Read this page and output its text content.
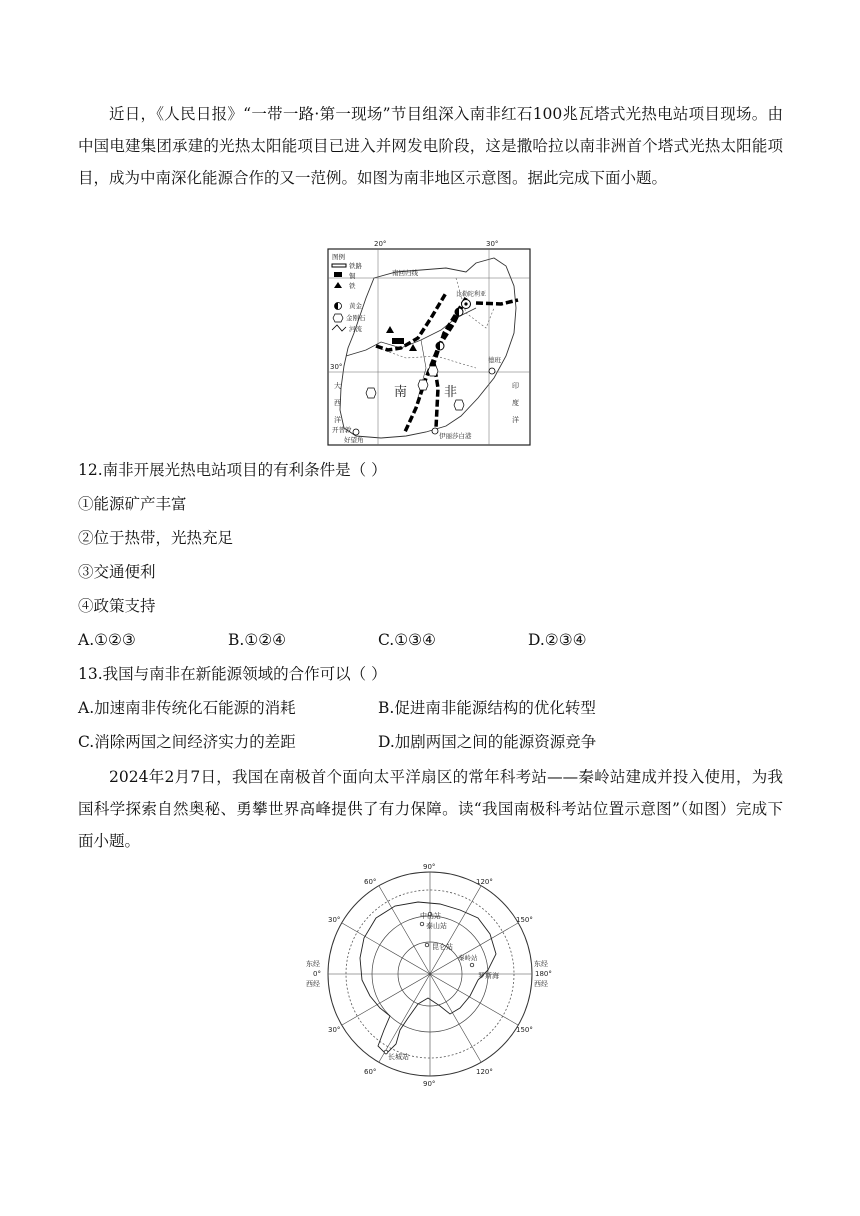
近日，《人民日报》“一带一路·第一现场”节目组深入南非红石100兆瓦塔式光热电站项目现场。由中国电建集团承建的光热太阳能项目已进入并网发电阶段，这是撒哈拉以南非洲首个塔式光热太阳能项目，成为中南深化能源合作的又一范例。如图为南非地区示意图。据此完成下面小题。
20°	30°
南回归线
30°
图例
铁路
铜
铁
黄金
金刚石
河流
比勒陀利亚
德班
开普敦
好望角	伊丽莎白港
南	非
大
西
洋
印
度
洋
12.南非开展光热电站项目的有利条件是（ ）
①能源矿产丰富
②位于热带，光热充足
③交通便利
④政策支持
A.①②③	B.①②④	C.①③④	D.②③④
13.我国与南非在新能源领域的合作可以（ ）
A.加速南非传统化石能源的消耗	B.促进南非能源结构的优化转型
C.消除两国之间经济实力的差距	D.加剧两国之间的能源资源竞争
2024年2月7日，我国在南极首个面向太平洋扇区的常年科考站——秦岭站建成并投入使用，为我国科学探索自然奥秘、勇攀世界高峰提供了有力保障。读“我国南极科考站位置示意图”（如图）完成下面小题。
中山站
泰山站
昆仑站
秦岭站
罗斯海
长城站
90°
90°
60°
30°
120°
150°
30°
60°
150°
120°
东经
0°
西经
东经
180°
西经
